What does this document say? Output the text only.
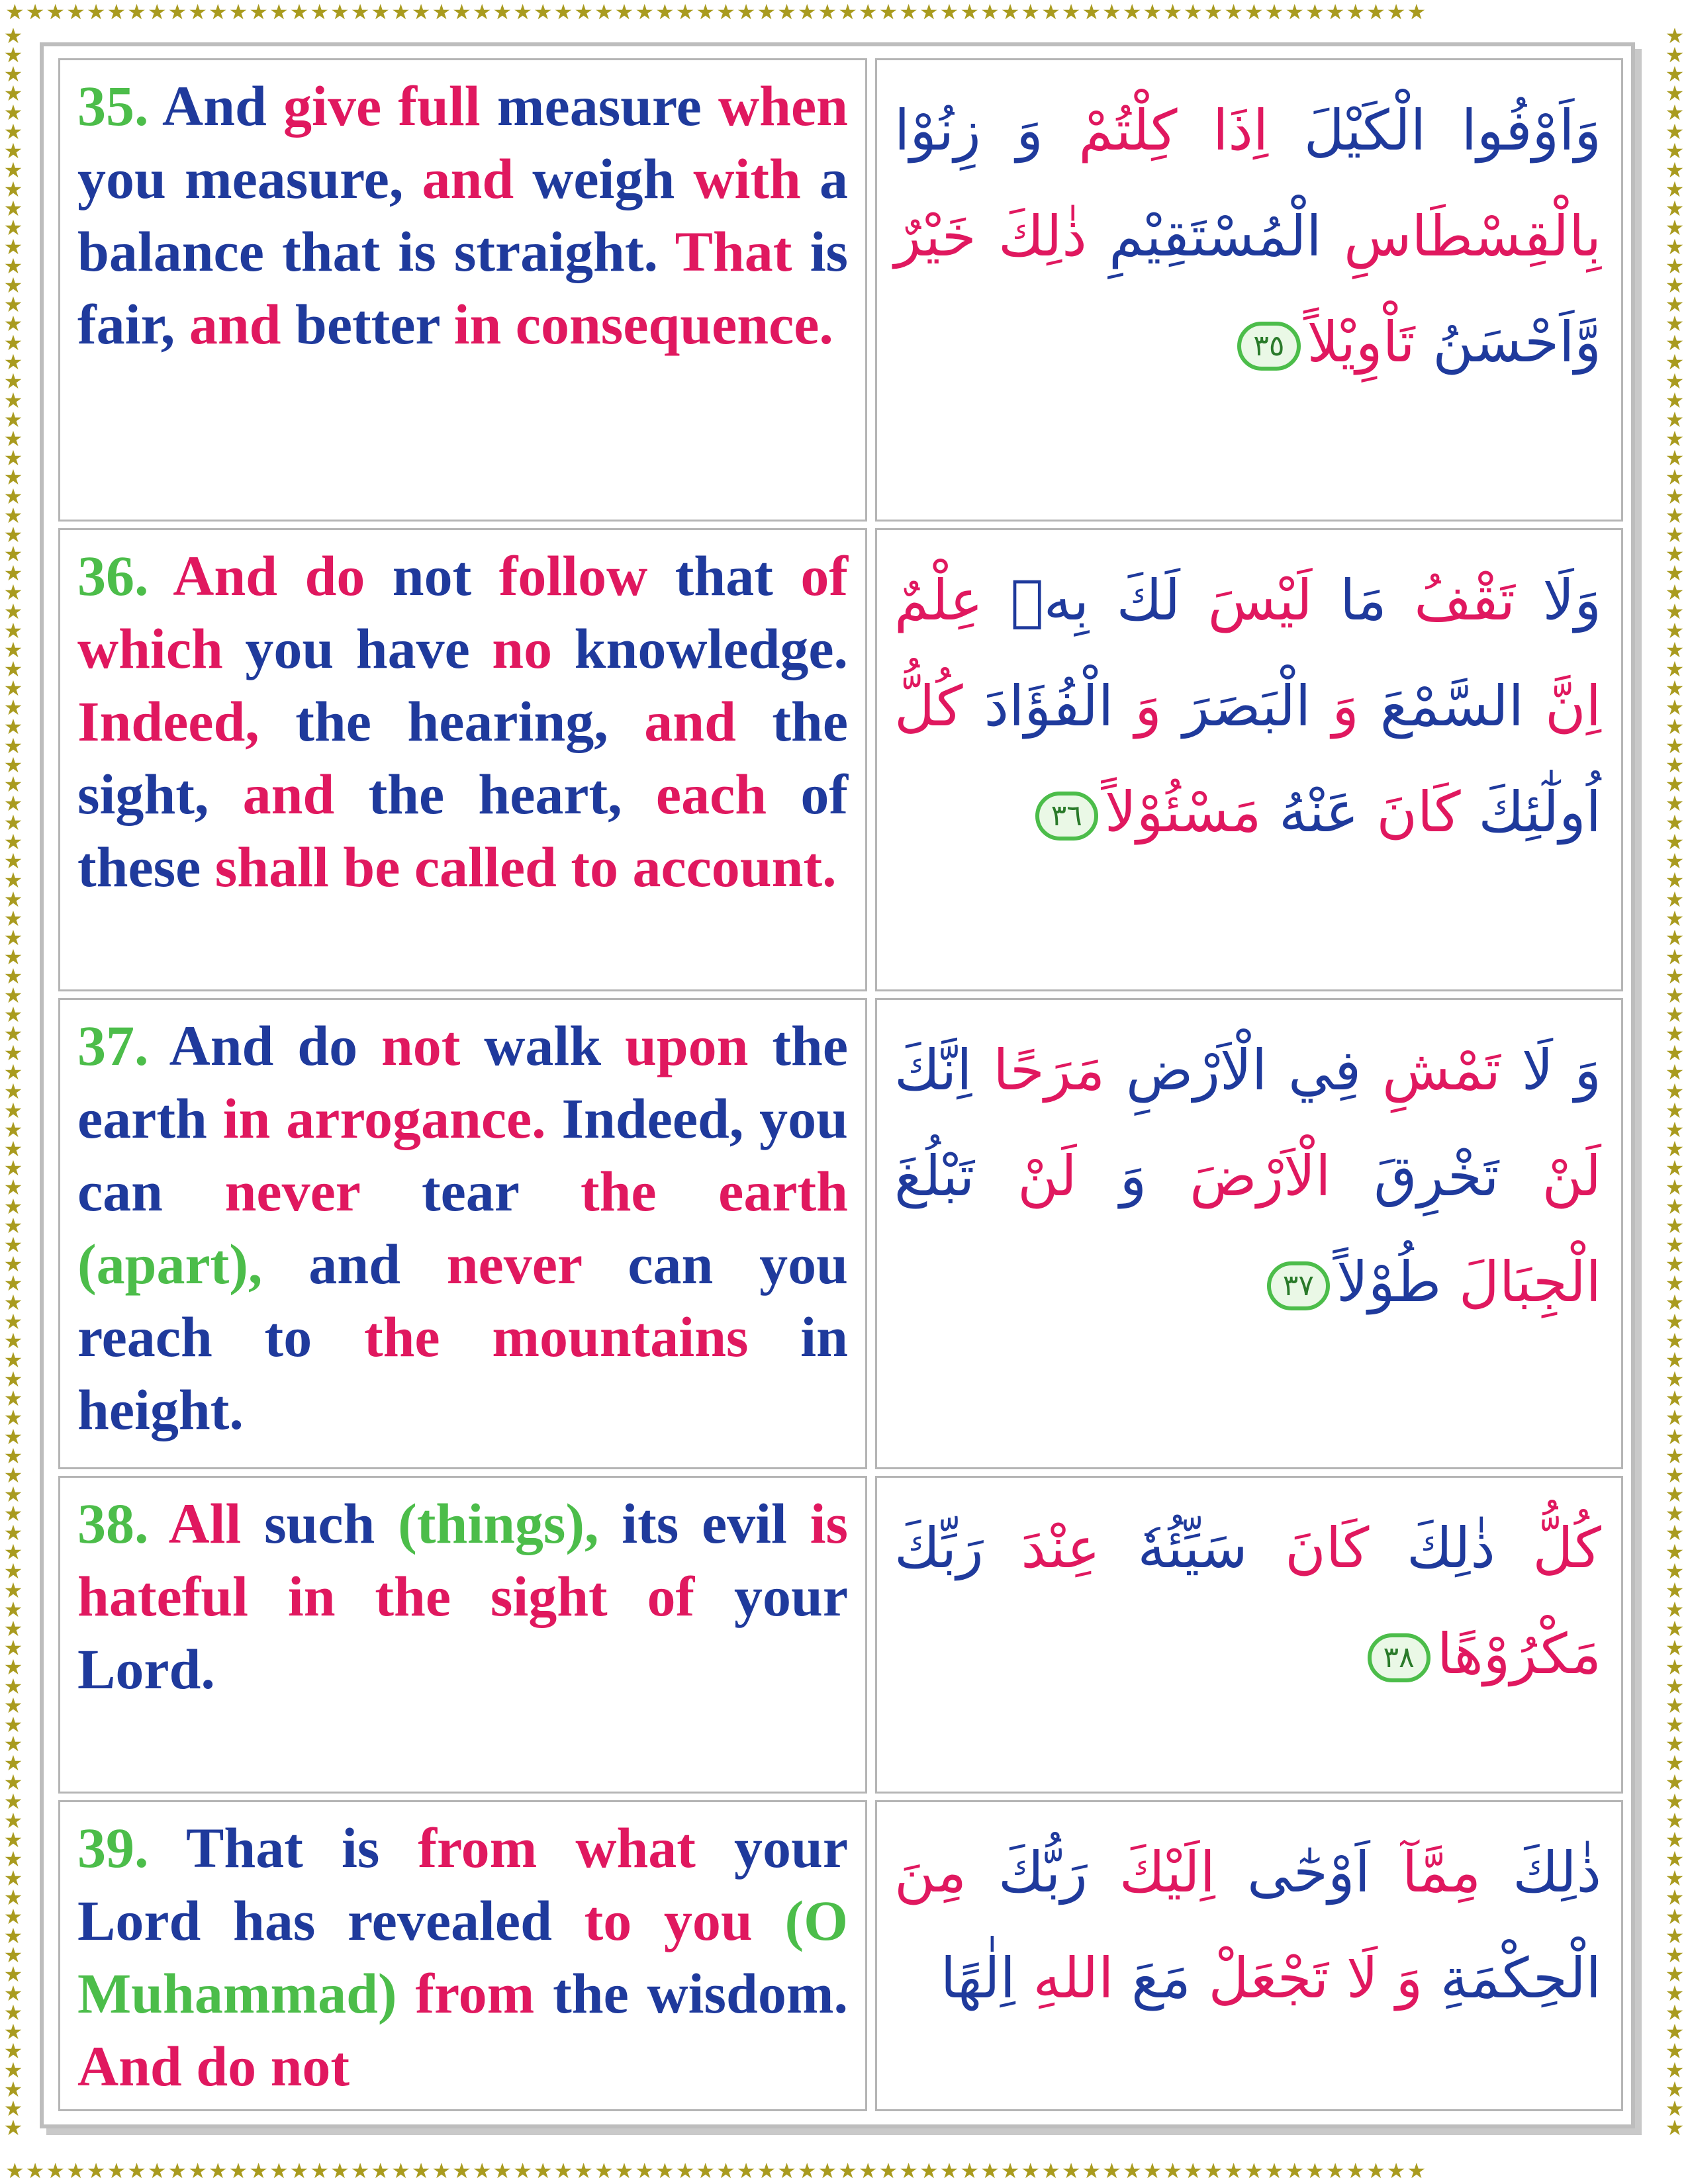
★★★★★★★★★★★★★★★★★★★★★★★★★★★★★★★★★★★★★★★★★★★★★★★★★★★★★★★★★★★★★★★★★★★★★★
★★★★★★★★★★★★★★★★★★★★★★★★★★★★★★★★★★★★★★★★★★★★★★★★★★★★★★★★★★★★★★★★★★★★★★★★★★★★★★★★★★★★★★★★★★★★★★★★★★★★★★★★★★★★★★
★★★★★★★★★★★★★★★★★★★★★★★★★★★★★★★★★★★★★★★★★★★★★★★★★★★★★★★★★★★★★★★★★★★★★★★★★★★★★★★★★★★★★★★★★★★★★★★★★★★★★★★★★★★★★★
★★★★★★★★★★★★★★★★★★★★★★★★★★★★★★★★★★★★★★★★★★★★★★★★★★★★★★★★★★★★★★★★★★★★★★
35. And give full measure when you measure, and weigh with a balance that is straight. That is fair, and better in consequence.	وَاَوْفُوا الْكَيْلَ اِذَا كِلْتُمْ وَ زِنُوْا بِالْقِسْطَاسِ الْمُسْتَقِيْمِ ذٰلِكَ خَيْرٌ وَّاَحْسَنُ تَاْوِيْلاً٣٥
36. And do not follow that of which you have no knowledge. Indeed, the hearing, and the sight, and the heart, each of these shall be called to account.	وَلَا تَقْفُ مَا لَيْسَ لَكَ بِهٖ عِلْمٌ اِنَّ السَّمْعَ وَ الْبَصَرَ وَ الْفُؤَادَ كُلُّ اُولٰٓئِكَ كَانَ عَنْهُ مَسْئُوْلاً٣٦
37. And do not walk upon the earth in arrogance. Indeed, you can never tear the earth (apart), and never can you reach to the mountains in height.	وَ لَا تَمْشِ فِي الْاَرْضِ مَرَحًا اِنَّكَ لَنْ تَخْرِقَ الْاَرْضَ وَ لَنْ تَبْلُغَ الْجِبَالَ طُوْلاً٣٧
38. All such (things), its evil is hateful in the sight of your Lord.	كُلُّ ذٰلِكَ كَانَ سَيِّئُهٗ عِنْدَ رَبِّكَ مَكْرُوْهًا٣٨
39. That is from what your Lord has revealed to you (O Muhammad) from the wisdom. And do not	ذٰلِكَ مِمَّآ اَوْحٰٓى اِلَيْكَ رَبُّكَ مِنَ الْحِكْمَةِ وَ لَا تَجْعَلْ مَعَ اللهِ اِلٰهًا
